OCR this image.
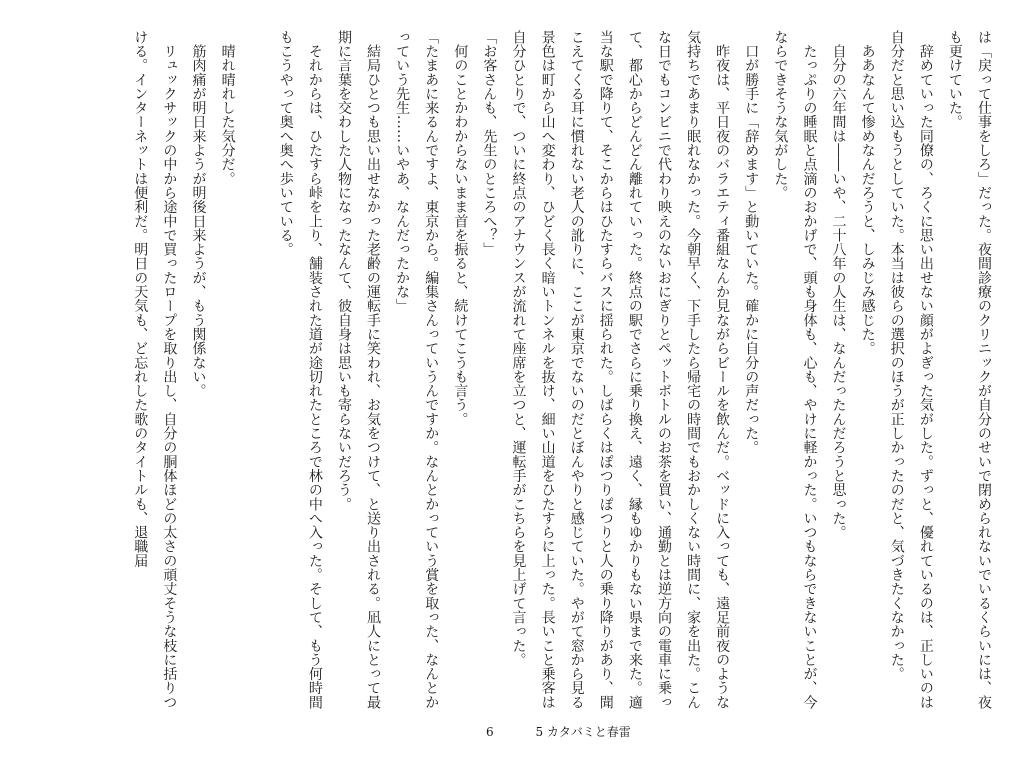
は「戻って仕事をしろ」だった。夜間診療のクリニックが自分のせいで閉められないでいるくらいには、夜も更けていた。

　辞めていった同僚の、ろくに思い出せない顔がよぎった気がした。ずっと、優れているのは、正しいのは自分だと思い込もうとしていた。本当は彼らの選択のほうが正しかったのだと、気づきたくなかった。

　ああなんて惨めなんだろうと、しみじみ感じた。

　自分の六年間は――いや、二十八年の人生は、なんだったんだろうと思った。

　たっぷりの睡眠と点滴のおかげで、頭も身体も、心も、やけに軽かった。いつもならできないことが、今ならできそうな気がした。

　口が勝手に「辞めます」と動いていた。確かに自分の声だった。

　昨夜は、平日夜のバラエティ番組なんか見ながらビールを飲んだ。ベッドに入っても、遠足前夜のような気持ちであまり眠れなかった。今朝早く、下手したら帰宅の時間でもおかしくない時間に、家を出た。こんな日でもコンビニで代わり映えのないおにぎりとペットボトルのお茶を買い、通勤とは逆方向の電車に乗って、都心からどんどん離れていった。終点の駅でさらに乗り換え、遠く、縁もゆかりもない県まで来た。適当な駅で降りて、そこからはひたすらバスに揺られた。しばらくはぽつりぽつりと人の乗り降りがあり、聞こえてくる耳に慣れない老人の訛りに、ここが東京でないのだとぼんやりと感じていた。やがて窓から見る景色は町から山へ変わり、ひどく長く暗いトンネルを抜け、細い山道をひたすらに上った。長いこと乗客は自分ひとりで、ついに終点のアナウンスが流れて座席を立つと、運転手がこちらを見上げて言った。

「お客さんも、先生のところへ？」

　何のことかわからないまま首を振ると、続けてこうも言う。

「たまあに来るんですよ、東京から。編集さんっていうんですか。なんとかっていう賞を取った、なんとかっていう先生……いやあ、なんだったかな」

　結局ひとつも思い出せなかった老齢の運転手に笑われ、お気をつけて、と送り出される。凪人にとって最期に言葉を交わした人物になったなんて、彼自身は思いも寄らないだろう。

　それからは、ひたすら峠を上り、舗装された道が途切れたところで林の中へ入った。そして、もう何時間もこうやって奥へ奥へ歩いている。

　晴れ晴れした気分だ。

　筋肉痛が明日来ようが明後日来ようが、もう関係ない。

　リュックサックの中から途中で買ったロープを取り出し、自分の胴体ほどの太さの頑丈そうな枝に括りつける。インターネットは便利だ。明日の天気も、ど忘れした歌のタイトルも、退職届

6	5 カタバミと春雷
